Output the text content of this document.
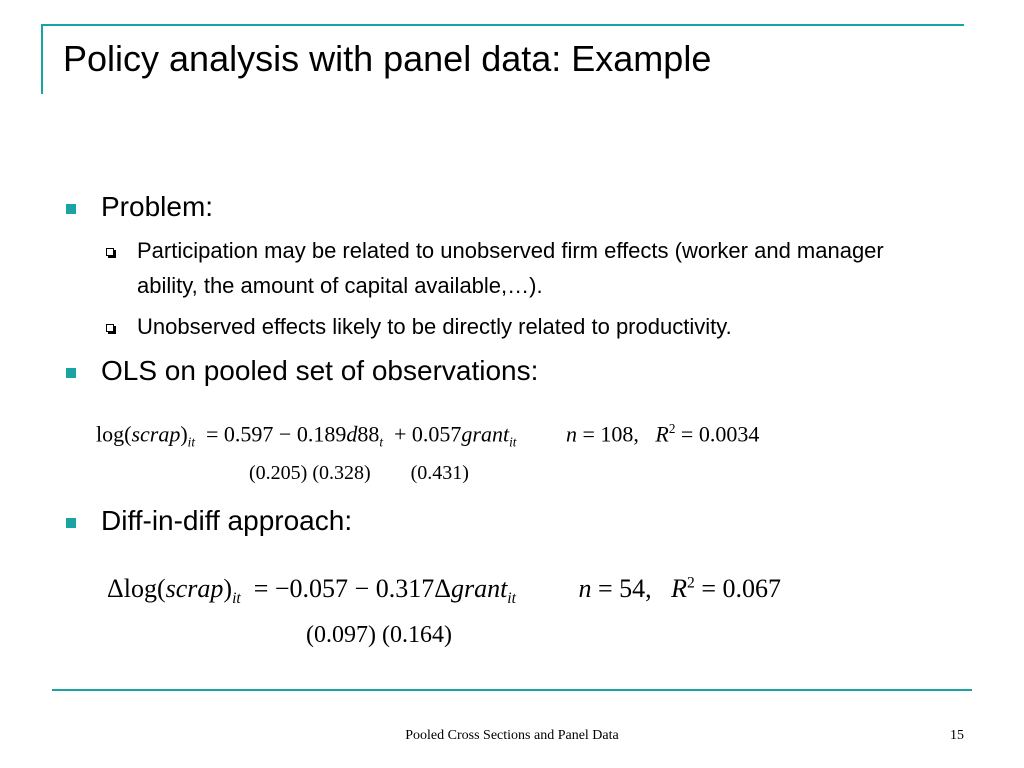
Policy analysis with panel data: Example
Problem:
Participation may be related to unobserved firm effects (worker and manager ability, the amount of capital available,…).
Unobserved effects likely to be directly related to productivity.
OLS on pooled set of observations:
$\log(scrap)_{it} = 0.597 - 0.189d88_t$ + 0.057grant$_{it}$ n = 108, $R^2 = 0.0034$
(0.205) (0.328)        (0.431)
Diff-in-diff approach:
$\Delta\log(scrap)_{it} = -0.057$ − 0.317Δgrant$_{it}$ n = 54, $R^2 = 0.067$
(0.097) (0.164)
Pooled Cross Sections and Panel Data	15
